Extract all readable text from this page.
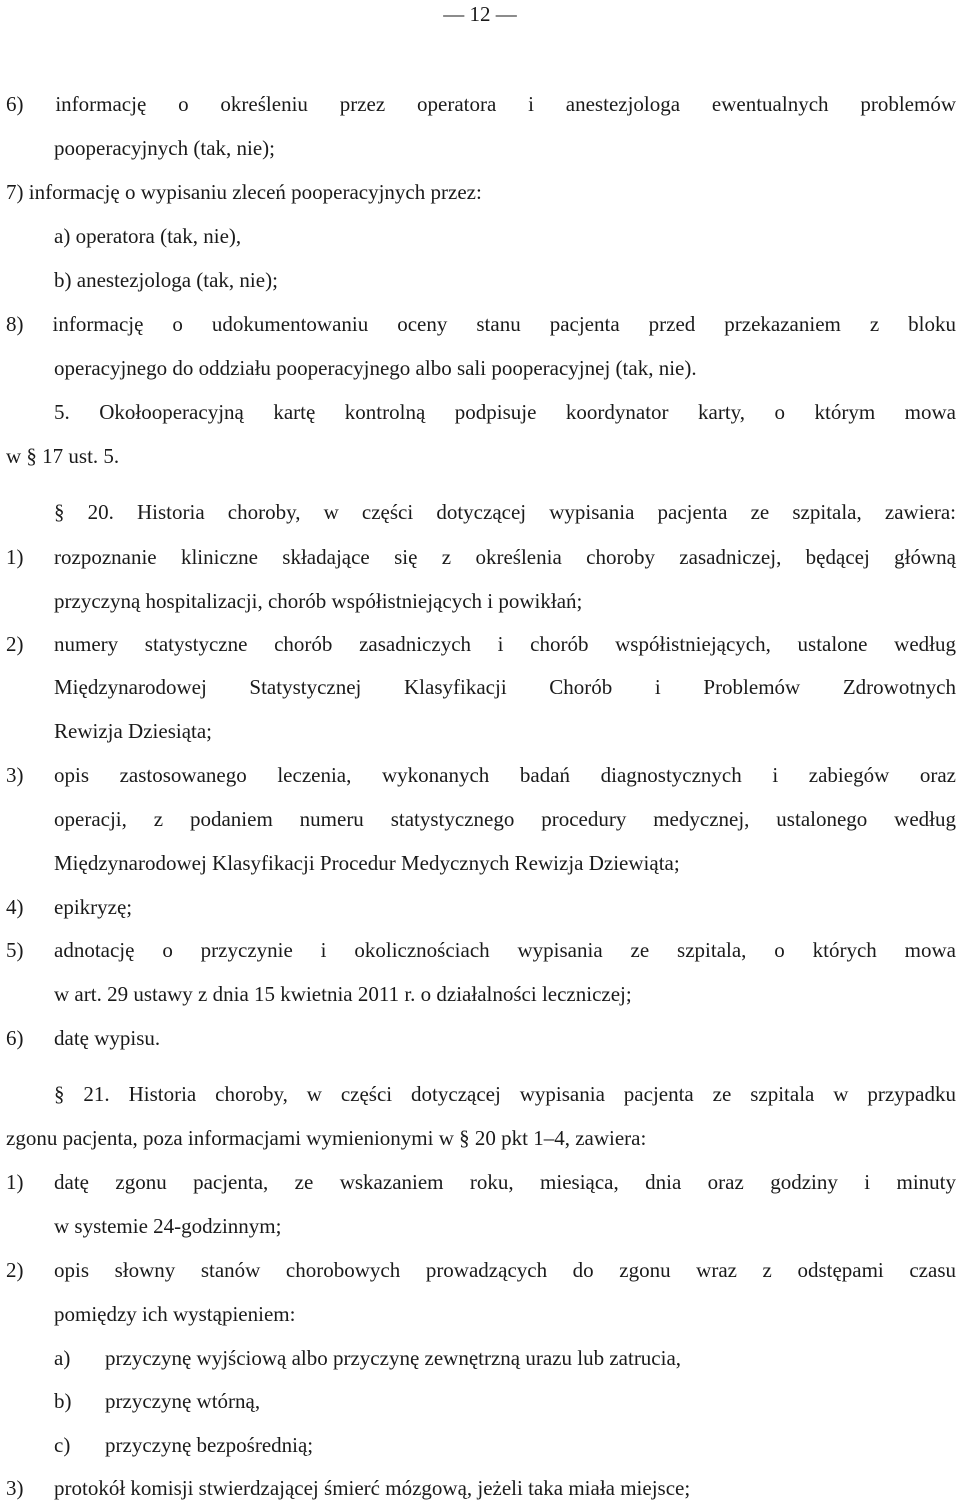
— 12 —
6) informację o określeniu przez operatora i anestezjologa ewentualnych problemów
pooperacyjnych (tak, nie);
7) informację o wypisaniu zleceń pooperacyjnych przez:
a) operatora (tak, nie),
b) anestezjologa (tak, nie);
8) informację o udokumentowaniu oceny stanu pacjenta przed przekazaniem z bloku
operacyjnego do oddziału pooperacyjnego albo sali pooperacyjnej (tak, nie).
5. Okołooperacyjną kartę kontrolną podpisuje koordynator karty, o którym mowa
w § 17 ust. 5.
§ 20. Historia choroby, w części dotyczącej wypisania pacjenta ze szpitala, zawiera:
1) rozpoznanie kliniczne składające się z określenia choroby zasadniczej, będącej główną
przyczyną hospitalizacji, chorób współistniejących i powikłań;
2) numery statystyczne chorób zasadniczych i chorób współistniejących, ustalone według
Międzynarodowej Statystycznej Klasyfikacji Chorób i Problemów Zdrowotnych
Rewizja Dziesiąta;
3) opis zastosowanego leczenia, wykonanych badań diagnostycznych i zabiegów oraz
operacji, z podaniem numeru statystycznego procedury medycznej, ustalonego według
Międzynarodowej Klasyfikacji Procedur Medycznych Rewizja Dziewiąta;
4) epikryzę;
5) adnotację o przyczynie i okolicznościach wypisania ze szpitala, o których mowa
w art. 29 ustawy z dnia 15 kwietnia 2011 r. o działalności leczniczej;
6) datę wypisu.
§ 21. Historia choroby, w części dotyczącej wypisania pacjenta ze szpitala w przypadku
zgonu pacjenta, poza informacjami wymienionymi w § 20 pkt 1–4, zawiera:
1) datę zgonu pacjenta, ze wskazaniem roku, miesiąca, dnia oraz godziny i minuty
w systemie 24-godzinnym;
2) opis słowny stanów chorobowych prowadzących do zgonu wraz z odstępami czasu
pomiędzy ich wystąpieniem:
a) przyczynę wyjściową albo przyczynę zewnętrzną urazu lub zatrucia,
b) przyczynę wtórną,
c) przyczynę bezpośrednią;
3) protokół komisji stwierdzającej śmierć mózgową, jeżeli taka miała miejsce;
